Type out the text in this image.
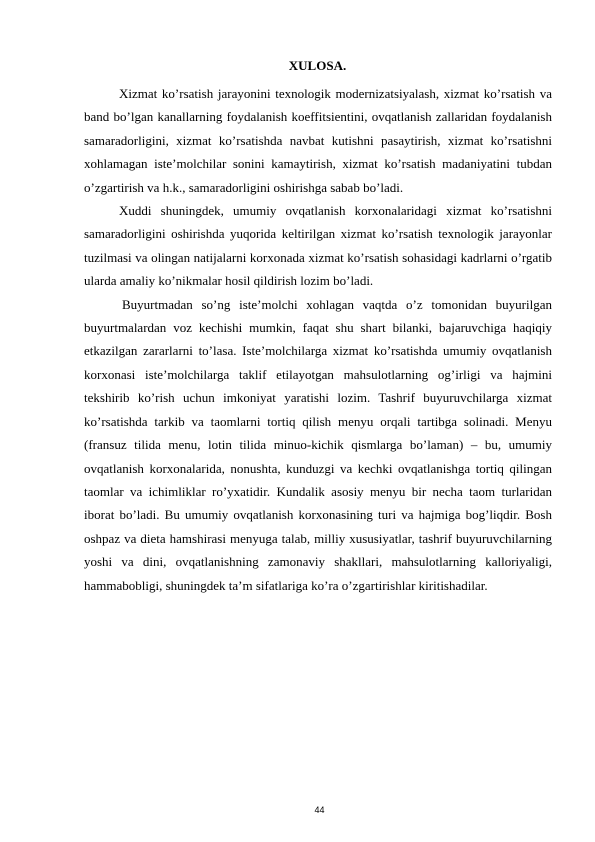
XULOSA.

Xizmat ko’rsatish jarayonini texnologik modernizatsiyalash, xizmat ko’rsatish va band bo’lgan kanallarning foydalanish koeffitsientini, ovqatlanish zallaridan foydalanish samaradorligini, xizmat ko’rsatishda navbat kutishni pasaytirish, xizmat ko’rsatishni xohlamagan iste’molchilar sonini kamaytirish, xizmat ko’rsatish madaniyatini tubdan o’zgartirish va h.k., samaradorligini oshirishga sabab bo’ladi.

Xuddi shuningdek, umumiy ovqatlanish korxonalaridagi xizmat ko’rsatishni samaradorligini oshirishda yuqorida keltirilgan xizmat ko’rsatish texnologik jarayonlar tuzilmasi va olingan natijalarni korxonada xizmat ko’rsatish sohasidagi kadrlarni o’rgatib ularda amaliy ko’nikmalar hosil qildirish lozim bo’ladi.

Buyurtmadan so’ng iste’molchi xohlagan vaqtda o’z tomonidan buyurilgan buyurtmalardan voz kechishi mumkin, faqat shu shart bilanki, bajaruvchiga haqiqiy etkazilgan zararlarni to’lasa. Iste’molchilarga xizmat ko’rsatishda umumiy ovqatlanish korxonasi iste’molchilarga taklif etilayotgan mahsulotlarning og’irligi va hajmini tekshirib ko’rish uchun imkoniyat yaratishi lozim. Tashrif buyuruvchilarga xizmat ko’rsatishda tarkib va taomlarni tortiq qilish menyu orqali tartibga solinadi. Menyu (fransuz tilida menu, lotin tilida minuo-kichik qismlarga bo’laman) – bu, umumiy ovqatlanish korxonalarida, nonushta, kunduzgi va kechki ovqatlanishga tortiq qilingan taomlar va ichimliklar ro’yxatidir. Kundalik asosiy menyu bir necha taom turlaridan iborat bo’ladi. Bu umumiy ovqatlanish korxonasining turi va hajmiga bog’liqdir. Bosh oshpaz va dieta hamshirasi menyuga talab, milliy xususiyatlar, tashrif buyuruvchilarning yoshi va dini, ovqatlanishning zamonaviy shakllari, mahsulotlarning kalloriyaligi, hammabobligi, shuningdek ta’m sifatlariga ko’ra o’zgartirishlar kiritishadilar.

44
